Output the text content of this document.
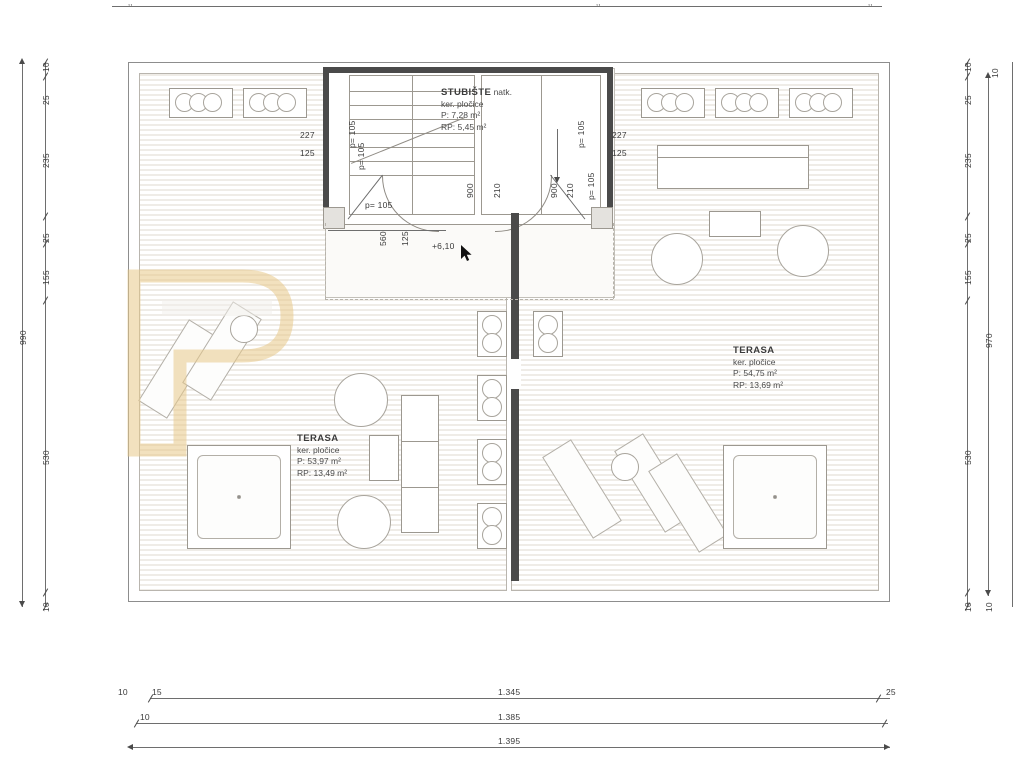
,,	,,	,,
990
10
25
235
25
155
530
10
10
25
235
25
155
530
10
970
10
10
STUBIŠTE natk.
ker. pločice
P: 7,28 m²
RP: 5,45 m²
TERASA
ker. pločice
P: 53,97 m²
RP: 13,49 m²
TERASA
ker. pločice
P: 54,75 m²
RP: 13,69 m²
227
125
227
125
p= 105
p= 105
p= 105
p= 105
p= 105
900 210	900 210
560 125	+6,10
10	15	1.345	25
10	1.385
1.395
